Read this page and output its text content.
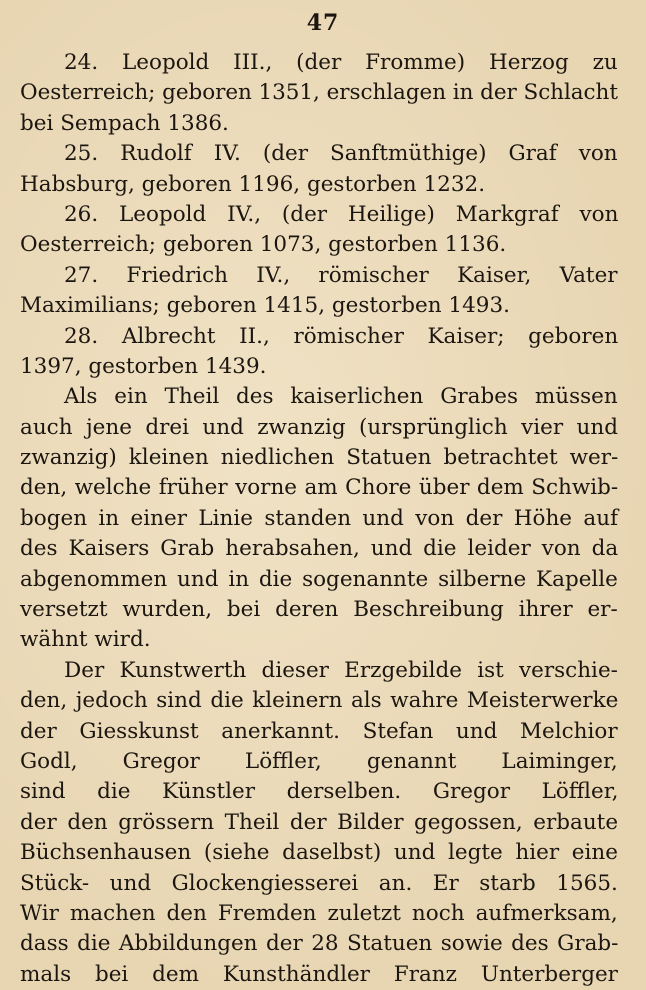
47
24. Leopold III., (der Fromme) Herzog zu
Oesterreich; geboren 1351, erschlagen in der Schlacht
bei Sempach 1386.
25. Rudolf IV. (der Sanftmüthige) Graf von
Habsburg, geboren 1196, gestorben 1232.
26. Leopold IV., (der Heilige) Markgraf von
Oesterreich; geboren 1073, gestorben 1136.
27. Friedrich IV., römischer Kaiser, Vater
Maximilians; geboren 1415, gestorben 1493.
28. Albrecht II., römischer Kaiser; geboren
1397, gestorben 1439.
Als ein Theil des kaiserlichen Grabes müssen
auch jene drei und zwanzig (ursprünglich vier und
zwanzig) kleinen niedlichen Statuen betrachtet wer-
den, welche früher vorne am Chore über dem Schwib-
bogen in einer Linie standen und von der Höhe auf
des Kaisers Grab herabsahen, und die leider von da
abgenommen und in die sogenannte silberne Kapelle
versetzt wurden, bei deren Beschreibung ihrer er-
wähnt wird.
Der Kunstwerth dieser Erzgebilde ist verschie-
den, jedoch sind die kleinern als wahre Meisterwerke
der Giesskunst anerkannt. Stefan und Melchior
Godl, Gregor Löffler, genannt Laiminger,
sind die Künstler derselben. Gregor Löffler,
der den grössern Theil der Bilder gegossen, erbaute
Büchsenhausen (siehe daselbst) und legte hier eine
Stück- und Glockengiesserei an. Er starb 1565.
Wir machen den Fremden zuletzt noch aufmerksam,
dass die Abbildungen der 28 Statuen sowie des Grab-
mals bei dem Kunsthändler Franz Unterberger
